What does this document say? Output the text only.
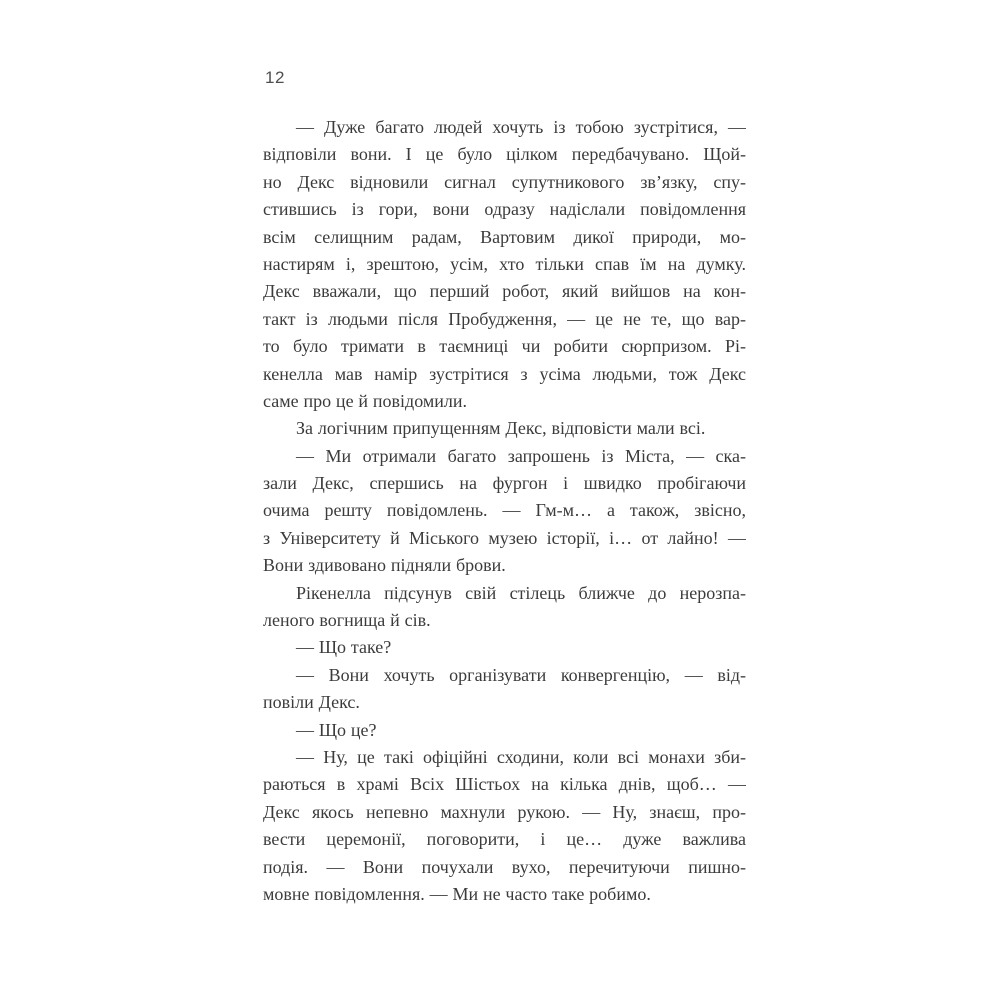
12
— Дуже багато людей хочуть із тобою зустрітися, —
відповіли вони. І це було цілком передбачувано. Щой-
но Декс відновили сигнал супутникового зв’язку, спу-
стившись із гори, вони одразу надіслали повідомлення
всім селищним радам, Вартовим дикої природи, мо-
настирям і, зрештою, усім, хто тільки спав їм на думку.
Декс вважали, що перший робот, який вийшов на кон-
такт із людьми після Пробудження, — це не те, що вар-
то було тримати в таємниці чи робити сюрпризом. Рі-
кенелла мав намір зустрітися з усіма людьми, тож Декс
саме про це й повідомили.
За логічним припущенням Декс, відповісти мали всі.
— Ми отримали багато запрошень із Міста, — ска-
зали Декс, спершись на фургон і швидко пробігаючи
очима решту повідомлень. — Гм-м… а також, звісно,
з Університету й Міського музею історії, і… от лайно! —
Вони здивовано підняли брови.
Рікенелла підсунув свій стілець ближче до нерозпа-
леного вогнища й сів.
— Що таке?
— Вони хочуть організувати конвергенцію, — від-
повіли Декс.
— Що це?
— Ну, це такі офіційні сходини, коли всі монахи зби-
раються в храмі Всіх Шістьох на кілька днів, щоб… —
Декс якось непевно махнули рукою. — Ну, знаєш, про-
вести церемонії, поговорити, і це… дуже важлива
подія. — Вони почухали вухо, перечитуючи пишно-
мовне повідомлення. — Ми не часто таке робимо.
